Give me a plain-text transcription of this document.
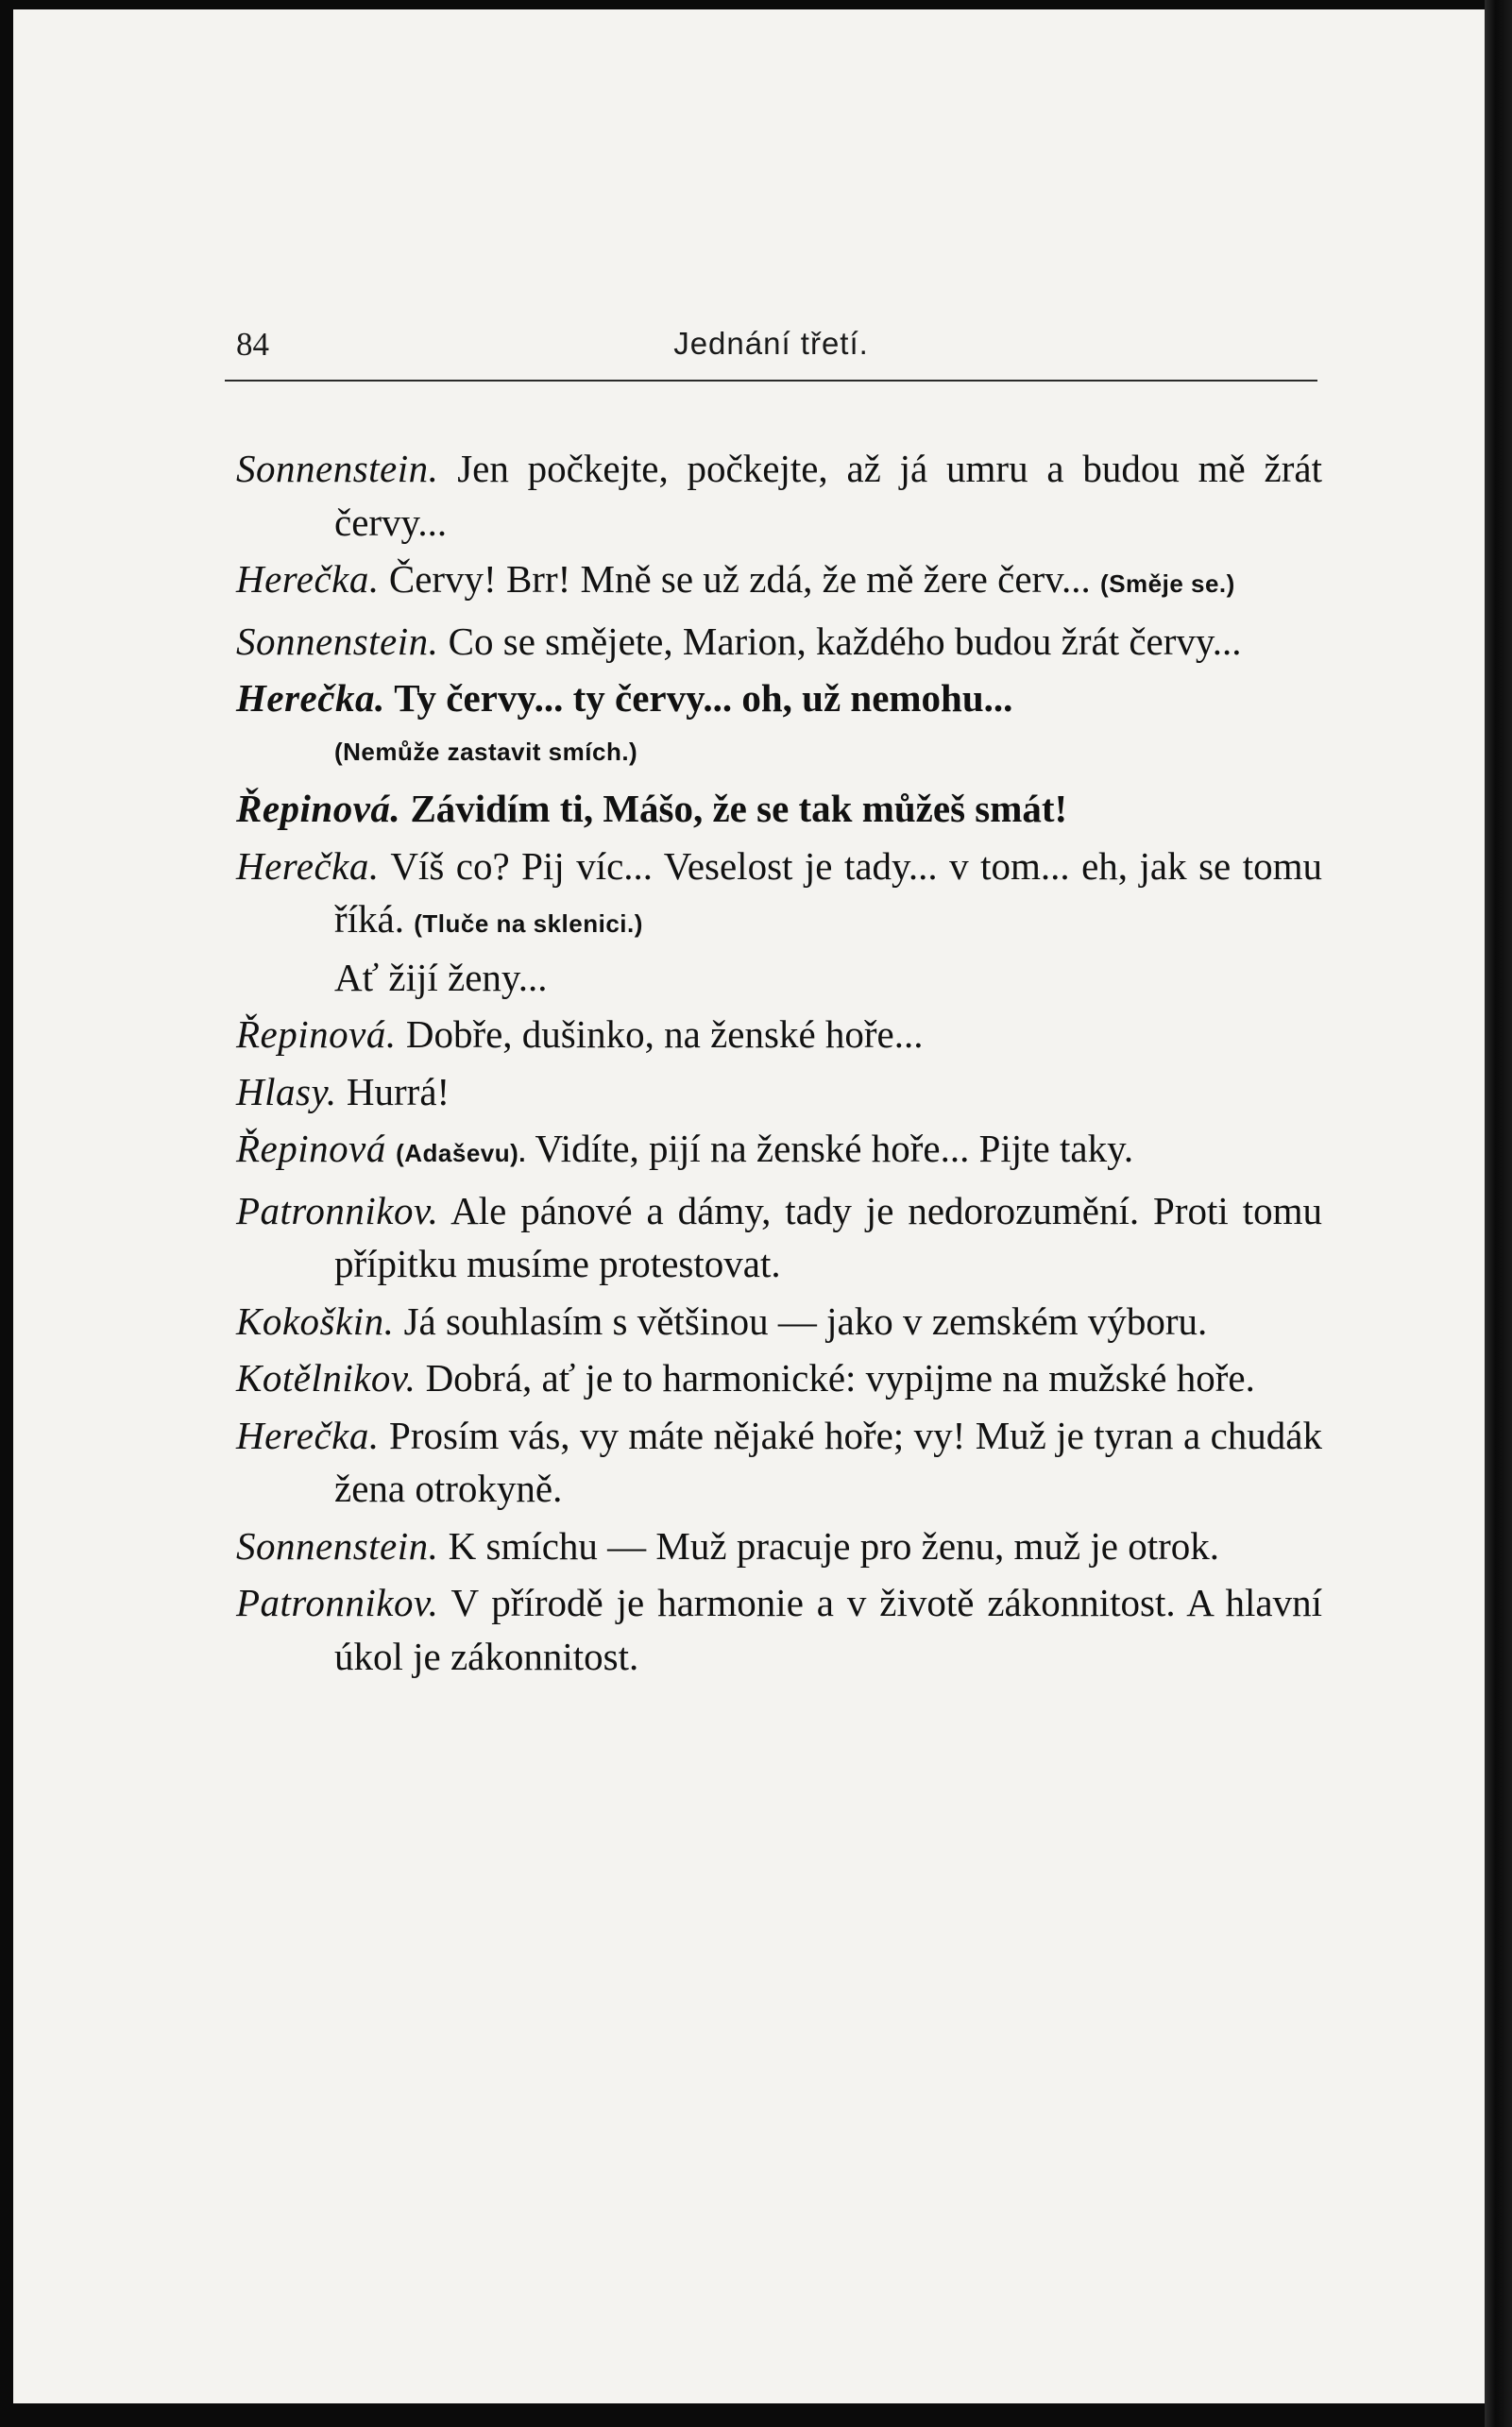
84	Jednání třetí.

Sonnenstein. Jen počkejte, počkejte, až já umru a budou mě žrát červy...

Herečka. Červy! Brr! Mně se už zdá, že mě žere červ... (Směje se.)

Sonnenstein. Co se smějete, Marion, každého budou žrát červy...

Herečka. Ty červy... ty červy... oh, už nemohu...
(Nemůže zastavit smích.)

Řepinová. Závidím ti, Mášo, že se tak můžeš smát!

Herečka. Víš co? Pij víc... Veselost je tady... v tom... eh, jak se tomu říká. (Tluče na sklenici.)
Ať žijí ženy...

Řepinová. Dobře, dušinko, na ženské hoře...

Hlasy. Hurrá!

Řepinová (Adaševu). Vidíte, pijí na ženské hoře... Pijte taky.

Patronnikov. Ale pánové a dámy, tady je nedorozumění. Proti tomu přípitku musíme protestovat.

Kokoškin. Já souhlasím s většinou — jako v zemském výboru.

Kotělnikov. Dobrá, ať je to harmonické: vypijme na mužské hoře.

Herečka. Prosím vás, vy máte nějaké hoře; vy! Muž je tyran a chudák žena otrokyně.

Sonnenstein. K smíchu — Muž pracuje pro ženu, muž je otrok.

Patronnikov. V přírodě je harmonie a v životě zákonnitost. A hlavní úkol je zákonnitost.
